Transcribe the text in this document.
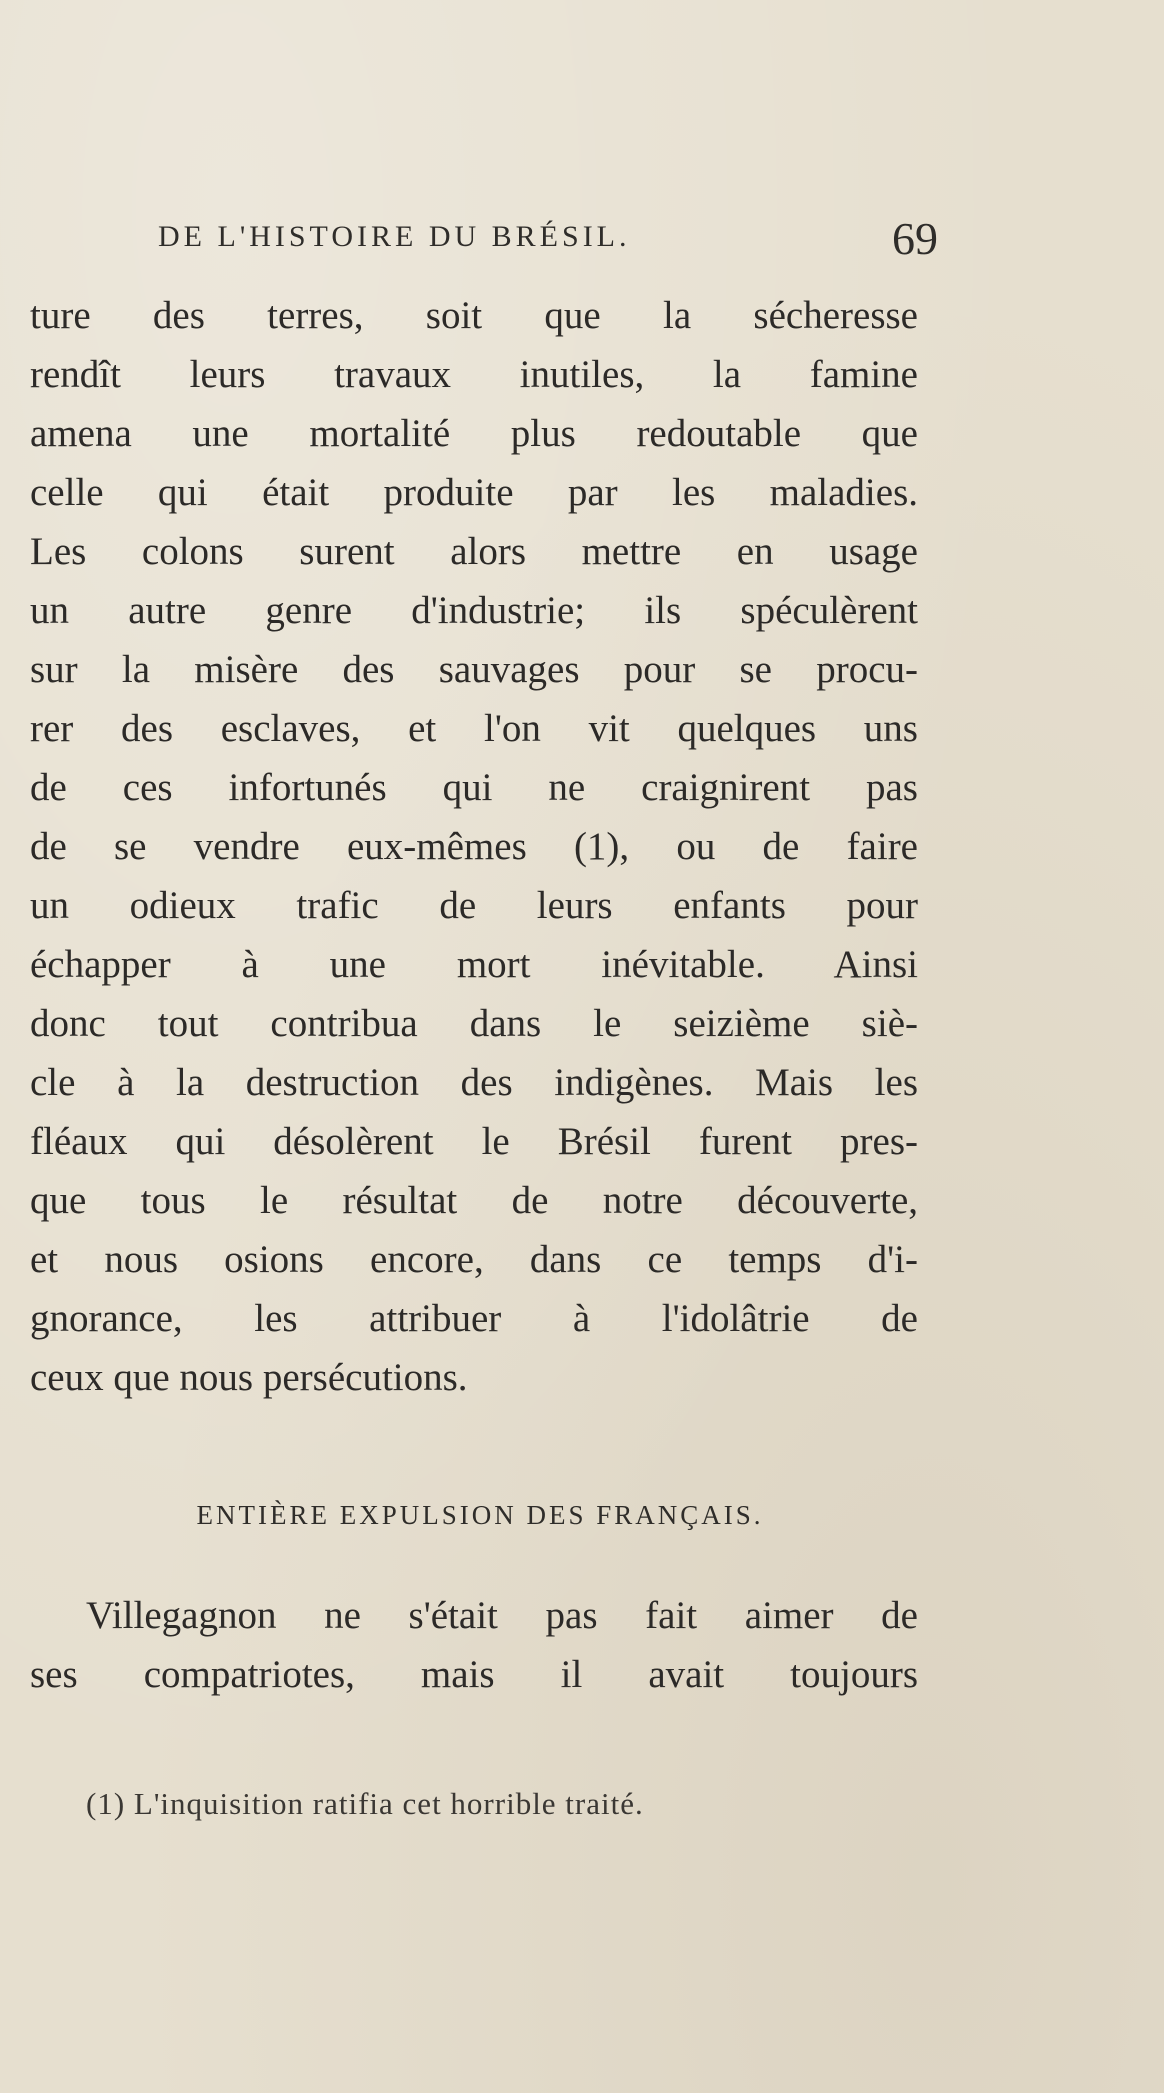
DE L'HISTOIRE DU BRÉSIL.	69
ture des terres, soit que la sécheresse
rendît leurs travaux inutiles, la famine
amena une mortalité plus redoutable que
celle qui était produite par les maladies.
Les colons surent alors mettre en usage
un autre genre d'industrie; ils spéculèrent
sur la misère des sauvages pour se procu-
rer des esclaves, et l'on vit quelques uns
de ces infortunés qui ne craignirent pas
de se vendre eux-mêmes (1), ou de faire
un odieux trafic de leurs enfants pour
échapper à une mort inévitable. Ainsi
donc tout contribua dans le seizième siè-
cle à la destruction des indigènes. Mais les
fléaux qui désolèrent le Brésil furent pres-
que tous le résultat de notre découverte,
et nous osions encore, dans ce temps d'i-
gnorance, les attribuer à l'idolâtrie de
ceux que nous persécutions.
ENTIÈRE EXPULSION DES FRANÇAIS.
Villegagnon ne s'était pas fait aimer de
ses compatriotes, mais il avait toujours
(1) L'inquisition ratifia cet horrible traité.
